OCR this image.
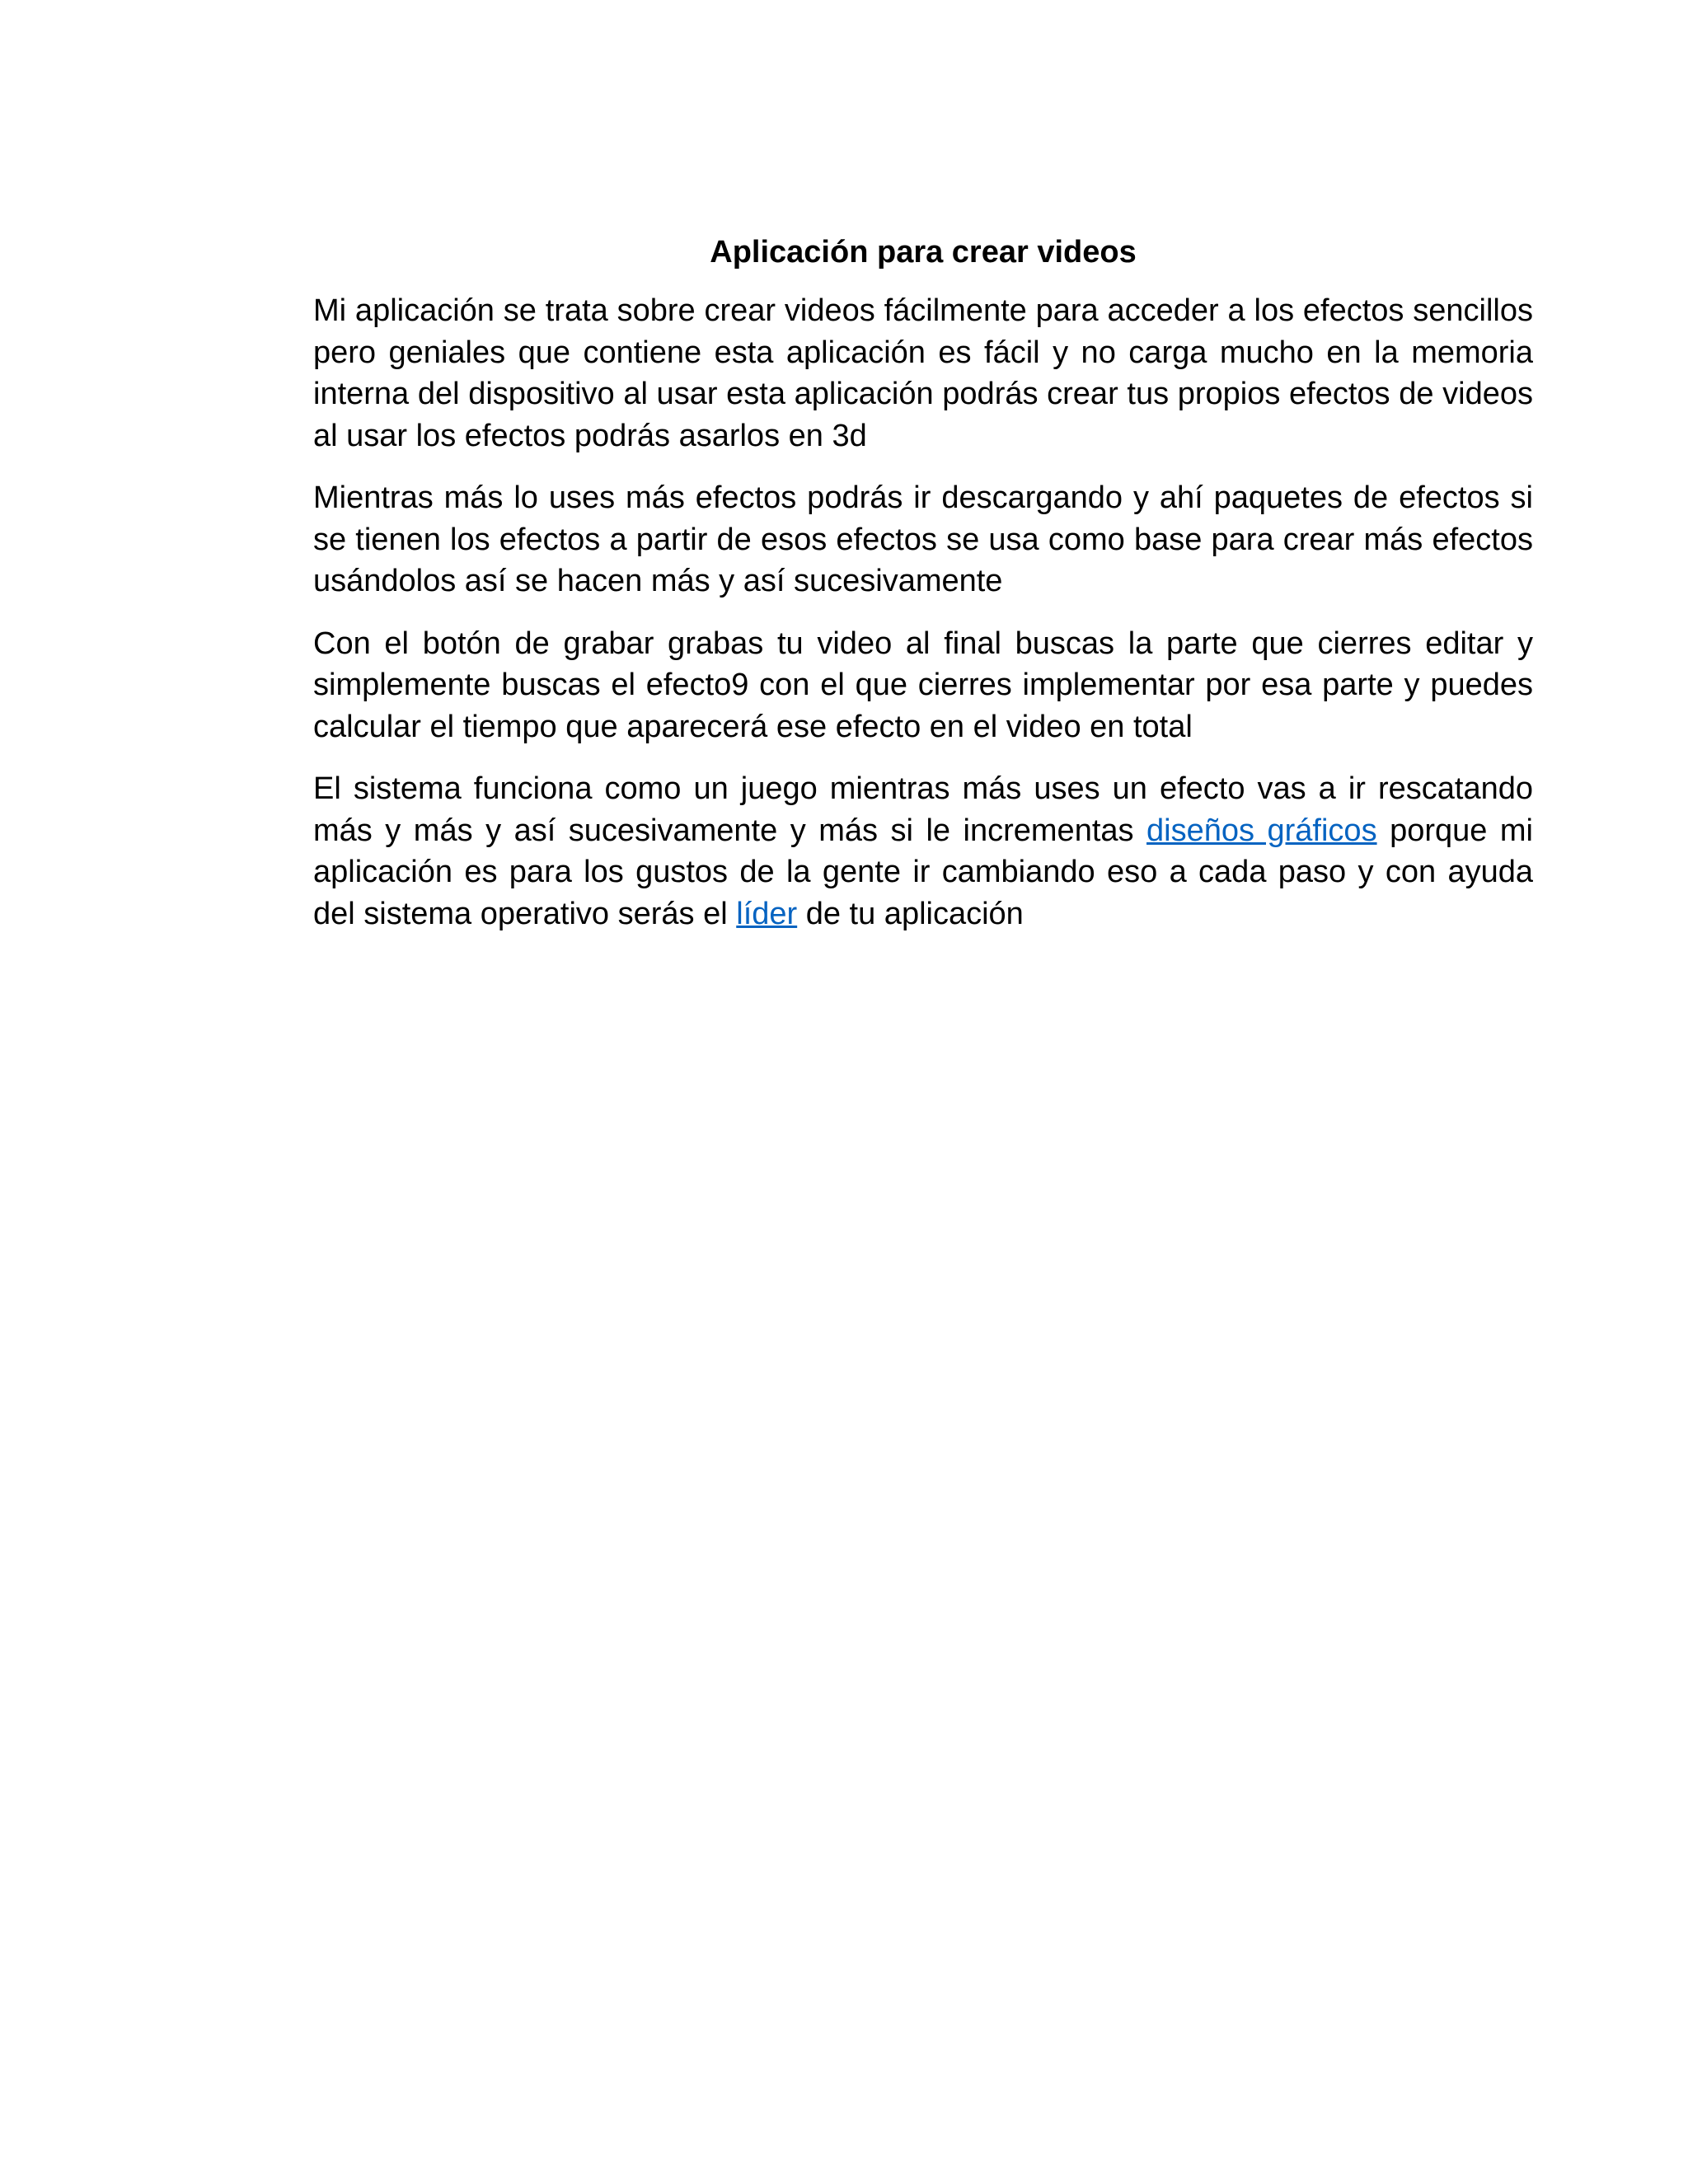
Aplicación para crear videos

Mi aplicación se trata sobre crear videos fácilmente para acceder a los efectos sencillos pero geniales que contiene esta aplicación es fácil y no carga mucho en la memoria interna del dispositivo al usar esta aplicación podrás crear tus propios efectos de videos al usar los efectos podrás asarlos en 3d

Mientras más lo uses más efectos podrás ir descargando y ahí paquetes de efectos si se tienen los efectos a partir de esos efectos se usa como base para crear más efectos usándolos así se hacen más y así sucesivamente

Con el botón de grabar grabas tu video al final buscas la parte que cierres editar y simplemente buscas el efecto9 con el que cierres implementar por esa parte y puedes calcular el tiempo que aparecerá ese efecto en el video en total

El sistema funciona como un juego mientras más uses un efecto vas a ir rescatando más y más y así sucesivamente y más si le incrementas diseños gráficos porque mi aplicación es para los gustos de la gente ir cambiando eso a cada paso y con ayuda del sistema operativo serás el líder de tu aplicación
